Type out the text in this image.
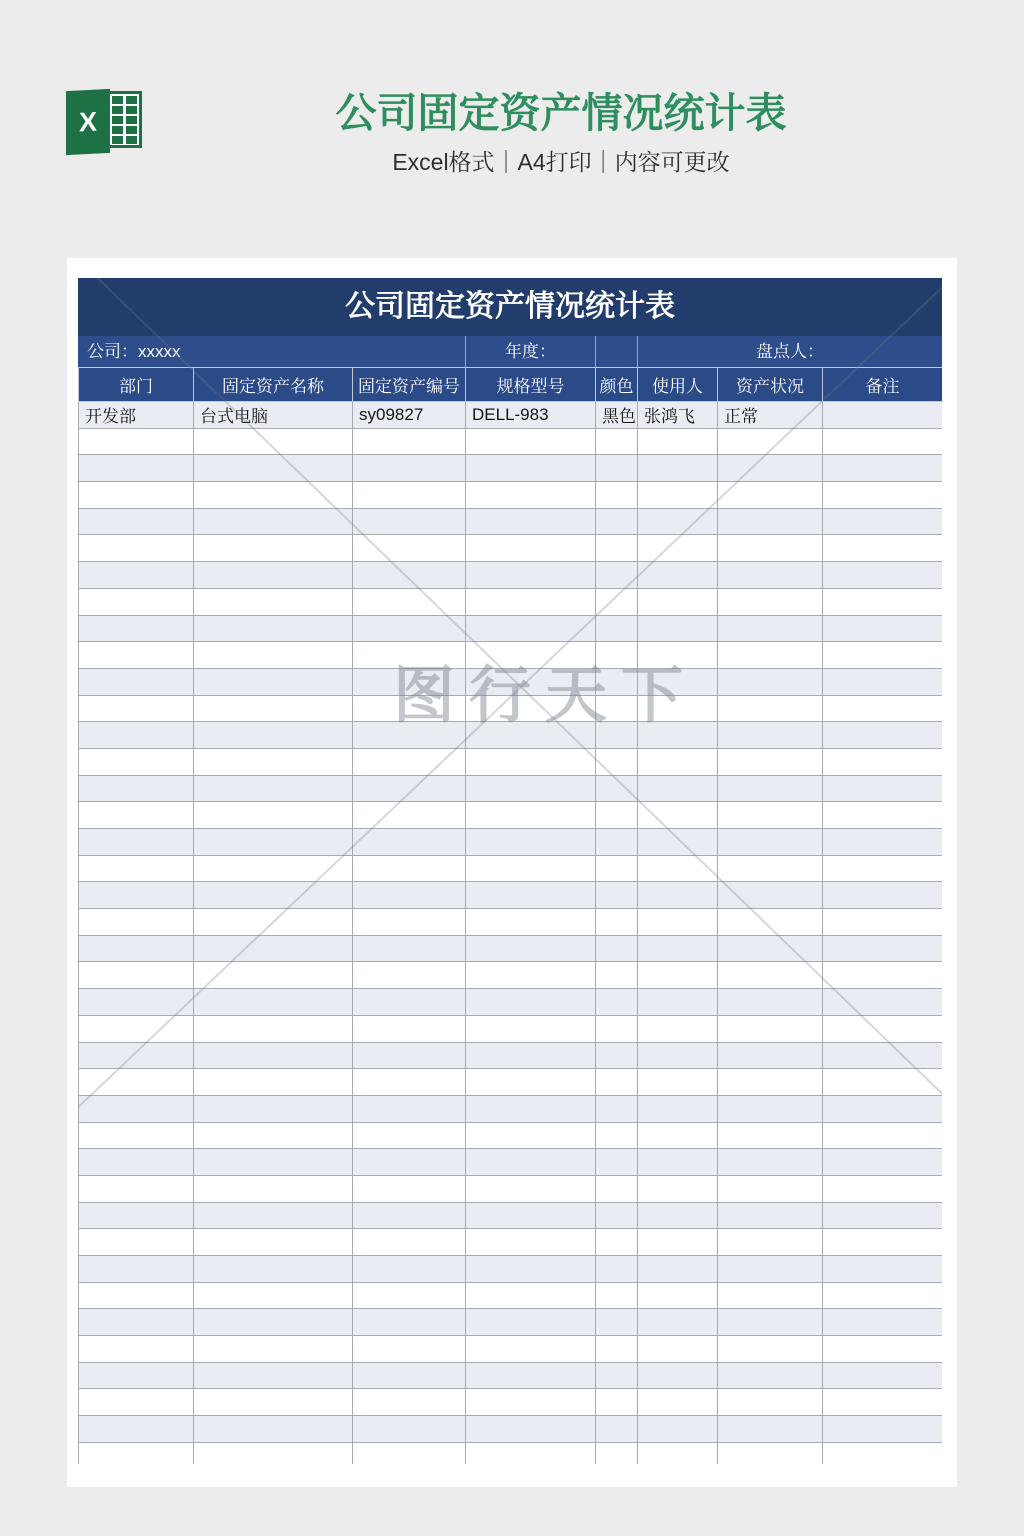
X	公司固定资产情况统计表

Excel格式｜A4打印｜内容可更改

公司固定资产情况统计表
公司：xxxxx	年度：	盘点人：
部门	固定资产名称	固定资产编号	规格型号	颜色	使用人	资产状况	备注
开发部	台式电脑	sy09827	DELL-983	黑色	张鸿飞	正常	

图行天下
